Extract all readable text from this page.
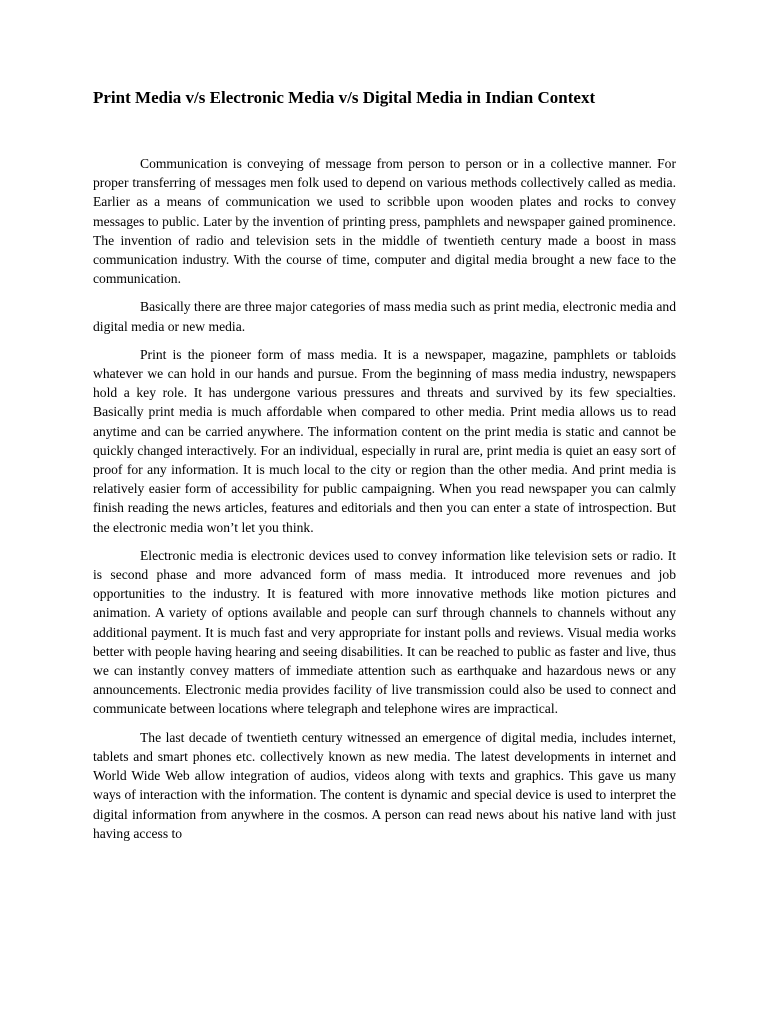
Print Media v/s Electronic Media v/s Digital Media in Indian Context

Communication is conveying of message from person to person or in a collective manner. For proper transferring of messages men folk used to depend on various methods collectively called as media. Earlier as a means of communication we used to scribble upon wooden plates and rocks to convey messages to public. Later by the invention of printing press, pamphlets and newspaper gained prominence. The invention of radio and television sets in the middle of twentieth century made a boost in mass communication industry. With the course of time, computer and digital media brought a new face to the communication.

Basically there are three major categories of mass media such as print media, electronic media and digital media or new media.

Print is the pioneer form of mass media. It is a newspaper, magazine, pamphlets or tabloids whatever we can hold in our hands and pursue. From the beginning of mass media industry, newspapers hold a key role. It has undergone various pressures and threats and survived by its few specialties. Basically print media is much affordable when compared to other media. Print media allows us to read anytime and can be carried anywhere. The information content on the print media is static and cannot be quickly changed interactively. For an individual, especially in rural are, print media is quiet an easy sort of proof for any information. It is much local to the city or region than the other media. And print media is relatively easier form of accessibility for public campaigning. When you read newspaper you can calmly finish reading the news articles, features and editorials and then you can enter a state of introspection. But the electronic media won’t let you think.

Electronic media is electronic devices used to convey information like television sets or radio. It is second phase and more advanced form of mass media. It introduced more revenues and job opportunities to the industry. It is featured with more innovative methods like motion pictures and animation. A variety of options available and people can surf through channels to channels without any additional payment. It is much fast and very appropriate for instant polls and reviews. Visual media works better with people having hearing and seeing disabilities. It can be reached to public as faster and live, thus we can instantly convey matters of immediate attention such as earthquake and hazardous news or any announcements. Electronic media provides facility of live transmission could also be used to connect and communicate between locations where telegraph and telephone wires are impractical.

The last decade of twentieth century witnessed an emergence of digital media, includes internet, tablets and smart phones etc. collectively known as new media. The latest developments in internet and World Wide Web allow integration of audios, videos along with texts and graphics. This gave us many ways of interaction with the information. The content is dynamic and special device is used to interpret the digital information from anywhere in the cosmos. A person can read news about his native land with just having access to
